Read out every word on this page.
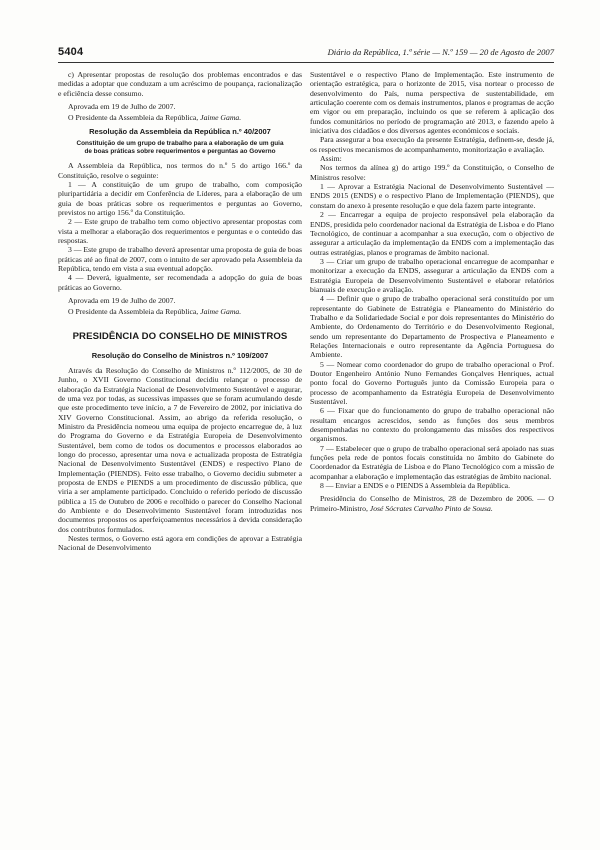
5404	Diário da República, 1.ª série — N.º 159 — 20 de Agosto de 2007

c) Apresentar propostas de resolução dos problemas encontrados e das medidas a adoptar que conduzam a um acréscimo de poupança, racionalização e eficiência desse consumo.

Aprovada em 19 de Julho de 2007.

O Presidente da Assembleia da República, Jaime Gama.

Resolução da Assembleia da República n.º 40/2007

Constituição de um grupo de trabalho para a elaboração de um guia de boas práticas sobre requerimentos e perguntas ao Governo

A Assembleia da República, nos termos do n.º 5 do artigo 166.º da Constituição, resolve o seguinte:

1 — A constituição de um grupo de trabalho, com composição pluripartidária a decidir em Conferência de Líderes, para a elaboração de um guia de boas práticas sobre os requerimentos e perguntas ao Governo, previstos no artigo 156.º da Constituição.

2 — Este grupo de trabalho tem como objectivo apresentar propostas com vista a melhorar a elaboração dos requerimentos e perguntas e o conteúdo das respostas.

3 — Este grupo de trabalho deverá apresentar uma proposta de guia de boas práticas até ao final de 2007, com o intuito de ser aprovado pela Assembleia da República, tendo em vista a sua eventual adopção.

4 — Deverá, igualmente, ser recomendada a adopção do guia de boas práticas ao Governo.

Aprovada em 19 de Julho de 2007.

O Presidente da Assembleia da República, Jaime Gama.

PRESIDÊNCIA DO CONSELHO DE MINISTROS

Resolução do Conselho de Ministros n.º 109/2007

Através da Resolução do Conselho de Ministros n.º 112/2005, de 30 de Junho, o XVII Governo Constitucional decidiu relançar o processo de elaboração da Estratégia Nacional de Desenvolvimento Sustentável e augurar, de uma vez por todas, as sucessivas impasses que se foram acumulando desde que este procedimento teve início, a 7 de Fevereiro de 2002, por iniciativa do XIV Governo Constitucional. Assim, ao abrigo da referida resolução, o Ministro da Presidência nomeou uma equipa de projecto encarregue de, à luz do Programa do Governo e da Estratégia Europeia de Desenvolvimento Sustentável, bem como de todos os documentos e processos elaborados ao longo do processo, apresentar uma nova e actualizada proposta de Estratégia Nacional de Desenvolvimento Sustentável (ENDS) e respectivo Plano de Implementação (PIENDS). Feito esse trabalho, o Governo decidiu submeter a proposta de ENDS e PIENDS a um procedimento de discussão pública, que viria a ser amplamente participado. Concluído o referido período de discussão pública a 15 de Outubro de 2006 e recolhido o parecer do Conselho Nacional do Ambiente e do Desenvolvimento Sustentável foram introduzidas nos documentos propostos os aperfeiçoamentos necessários à devida consideração dos contributos formulados.

Nestes termos, o Governo está agora em condições de aprovar a Estratégia Nacional de Desenvolvimento

Sustentável e o respectivo Plano de Implementação. Este instrumento de orientação estratégica, para o horizonte de 2015, visa nortear o processo de desenvolvimento do País, numa perspectiva de sustentabilidade, em articulação coerente com os demais instrumentos, planos e programas de acção em vigor ou em preparação, incluindo os que se referem à aplicação dos fundos comunitários no período de programação até 2013, e fazendo apelo à iniciativa dos cidadãos e dos diversos agentes económicos e sociais.

Para assegurar a boa execução da presente Estratégia, definem-se, desde já, os respectivos mecanismos de acompanhamento, monitorização e avaliação.

Assim:

Nos termos da alínea g) do artigo 199.º da Constituição, o Conselho de Ministros resolve:

1 — Aprovar a Estratégia Nacional de Desenvolvimento Sustentável — ENDS 2015 (ENDS) e o respectivo Plano de Implementação (PIENDS), que constam do anexo à presente resolução e que dela fazem parte integrante.

2 — Encarregar a equipa de projecto responsável pela elaboração da ENDS, presidida pelo coordenador nacional da Estratégia de Lisboa e do Plano Tecnológico, de continuar a acompanhar a sua execução, com o objectivo de assegurar a articulação da implementação da ENDS com a implementação das outras estratégias, planos e programas de âmbito nacional.

3 — Criar um grupo de trabalho operacional encarregue de acompanhar e monitorizar a execução da ENDS, assegurar a articulação da ENDS com a Estratégia Europeia de Desenvolvimento Sustentável e elaborar relatórios bianuais de execução e avaliação.

4 — Definir que o grupo de trabalho operacional será constituído por um representante do Gabinete de Estratégia e Planeamento do Ministério do Trabalho e da Solidariedade Social e por dois representantes do Ministério do Ambiente, do Ordenamento do Território e do Desenvolvimento Regional, sendo um representante do Departamento de Prospectiva e Planeamento e Relações Internacionais e outro representante da Agência Portuguesa do Ambiente.

5 — Nomear como coordenador do grupo de trabalho operacional o Prof. Doutor Engenheiro António Nuno Fernandes Gonçalves Henriques, actual ponto focal do Governo Português junto da Comissão Europeia para o processo de acompanhamento da Estratégia Europeia de Desenvolvimento Sustentável.

6 — Fixar que do funcionamento do grupo de trabalho operacional não resultam encargos acrescidos, sendo as funções dos seus membros desempenhadas no contexto do prolongamento das missões dos respectivos organismos.

7 — Estabelecer que o grupo de trabalho operacional será apoiado nas suas funções pela rede de pontos focais constituída no âmbito do Gabinete do Coordenador da Estratégia de Lisboa e do Plano Tecnológico com a missão de acompanhar a elaboração e implementação das estratégias de âmbito nacional.

8 — Enviar a ENDS e o PIENDS à Assembleia da República.

Presidência do Conselho de Ministros, 28 de Dezembro de 2006. — O Primeiro-Ministro, José Sócrates Carvalho Pinto de Sousa.
